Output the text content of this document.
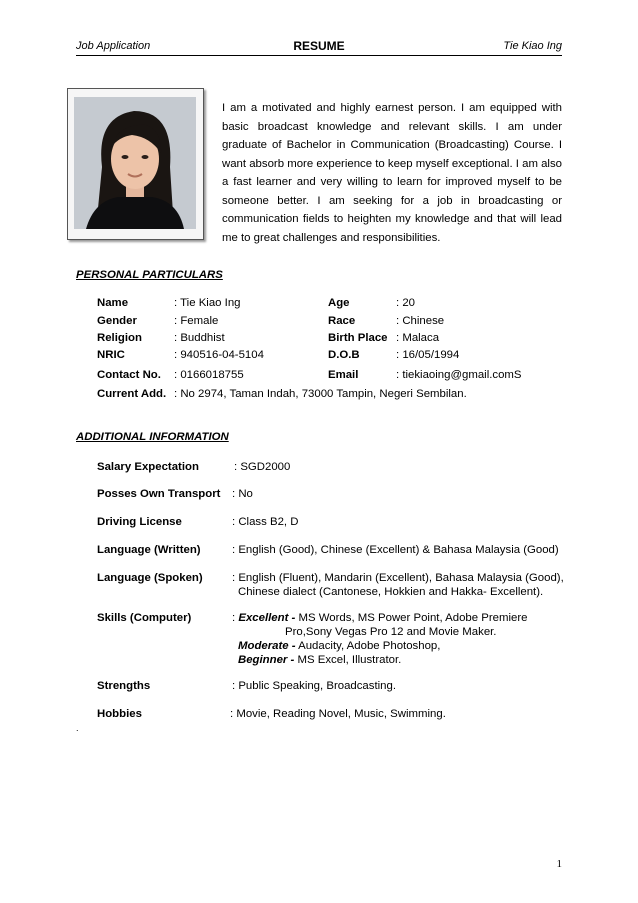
Job Application	RESUME	Tie Kiao Ing
I am a motivated and highly earnest person. I am equipped with basic broadcast knowledge and relevant skills. I am under graduate of Bachelor in Communication (Broadcasting) Course. I want absorb more experience to keep myself exceptional. I am also a fast learner and very willing to learn for improved myself to be someone better. I am seeking for a job in broadcasting or communication fields to heighten my knowledge and that will lead me to great challenges and responsibilities.
PERSONAL PARTICULARS
Name	: Tie Kiao Ing	Age	: 20
Gender	: Female	Race	: Chinese
Religion	: Buddhist	Birth Place : Malaca
NRIC	: 940516-04-5104	D.O.B	: 16/05/1994
Contact No. : 0166018755	Email	: tiekiaoing@gmail.comS
Current Add. : No 2974, Taman Indah, 73000 Tampin, Negeri Sembilan.
ADDITIONAL INFORMATION
Salary Expectation	: SGD2000
Posses Own Transport : No
Driving License	: Class B2, D
Language (Written)	: English (Good), Chinese (Excellent) & Bahasa Malaysia (Good)
Language (Spoken)	: English (Fluent), Mandarin (Excellent), Bahasa Malaysia (Good),
Chinese dialect (Cantonese, Hokkien and Hakka- Excellent).
Skills (Computer)	: Excellent - MS Words, MS Power Point, Adobe Premiere
Pro,Sony Vegas Pro 12 and Movie Maker.
Moderate - Audacity, Adobe Photoshop,
Beginner - MS Excel, Illustrator.
Strengths	: Public Speaking, Broadcasting.
Hobbies	: Movie, Reading Novel, Music, Swimming.
.
1
